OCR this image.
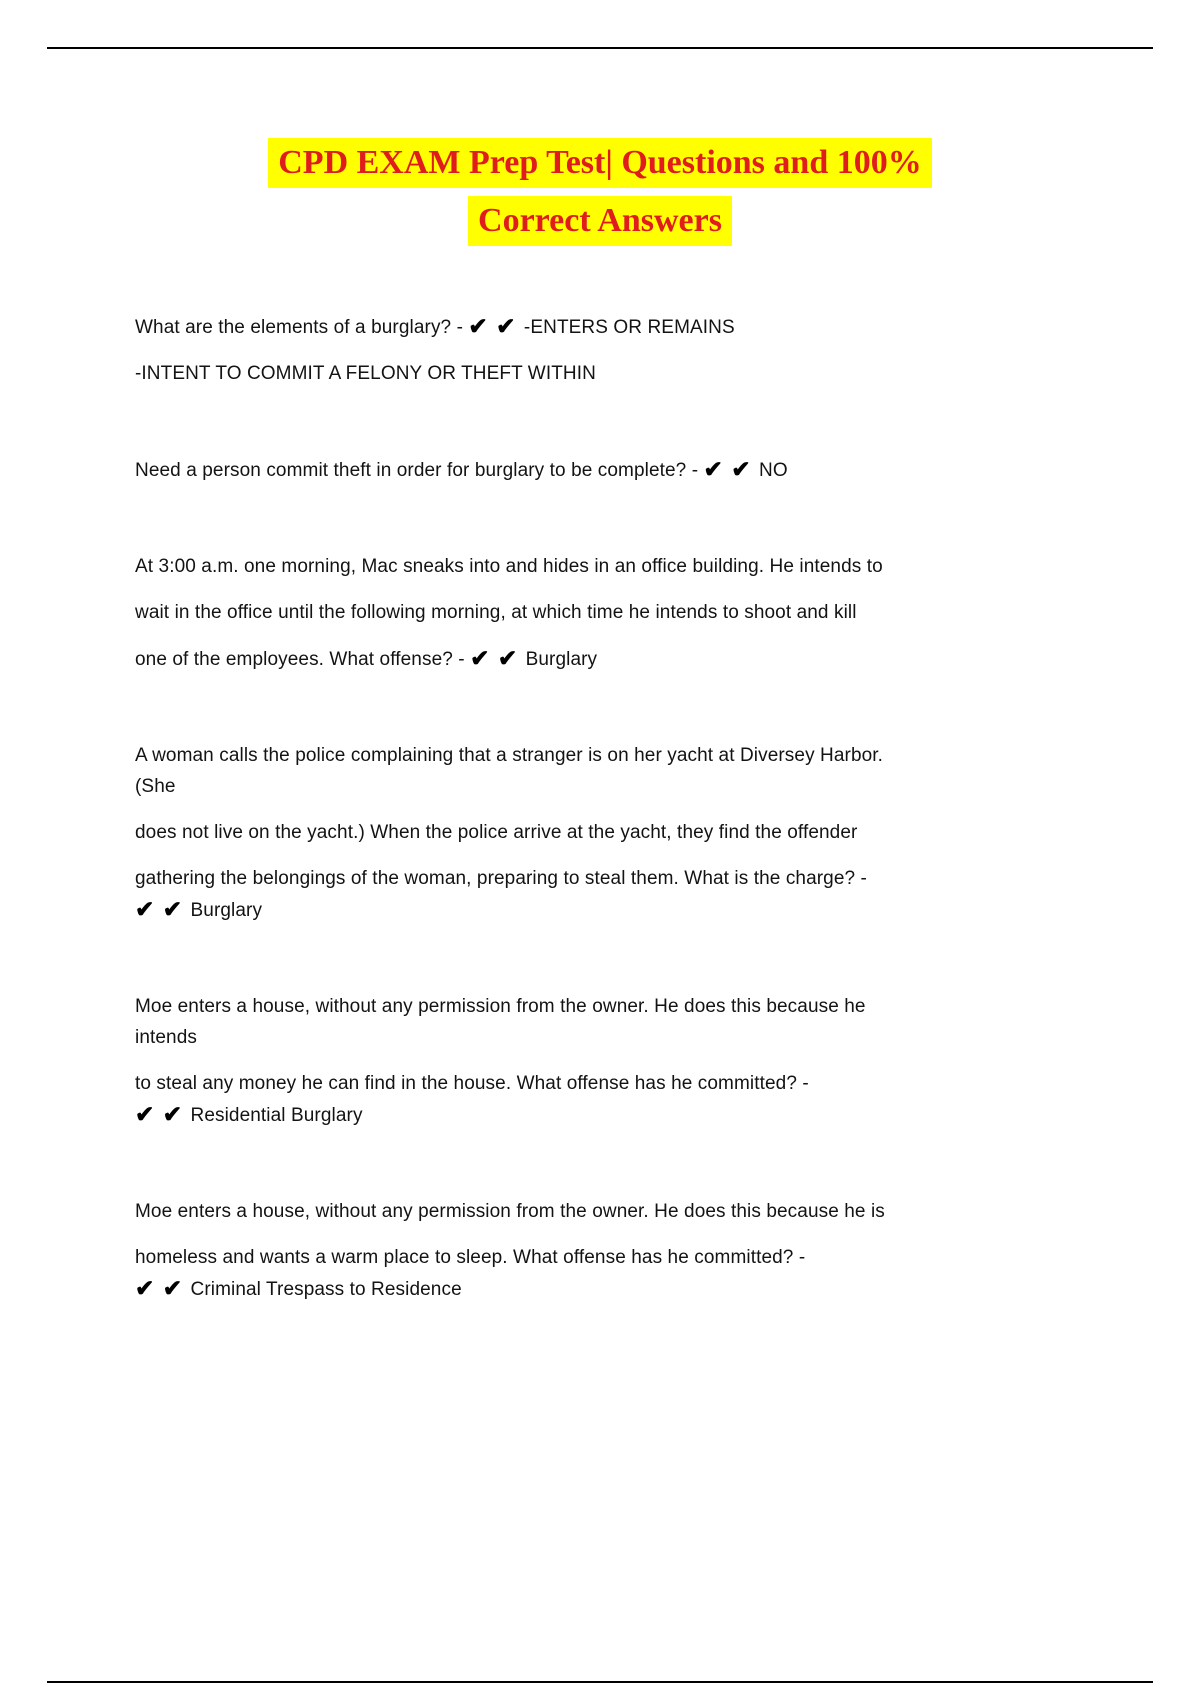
CPD EXAM Prep Test| Questions and 100%
Correct Answers
What are the elements of a burglary? - ✔ ✔ -ENTERS OR REMAINS
-INTENT TO COMMIT A FELONY OR THEFT WITHIN
Need a person commit theft in order for burglary to be complete? - ✔ ✔ NO
At 3:00 a.m. one morning, Mac sneaks into and hides in an office building. He intends to
wait in the office until the following morning, at which time he intends to shoot and kill
one of the employees. What offense? - ✔ ✔ Burglary
A woman calls the police complaining that a stranger is on her yacht at Diversey Harbor.
(She
does not live on the yacht.) When the police arrive at the yacht, they find the offender
gathering the belongings of the woman, preparing to steal them. What is the charge? -
✔ ✔ Burglary
Moe enters a house, without any permission from the owner. He does this because he
intends
to steal any money he can find in the house. What offense has he committed? -
✔ ✔ Residential Burglary
Moe enters a house, without any permission from the owner. He does this because he is
homeless and wants a warm place to sleep. What offense has he committed? -
✔ ✔ Criminal Trespass to Residence
